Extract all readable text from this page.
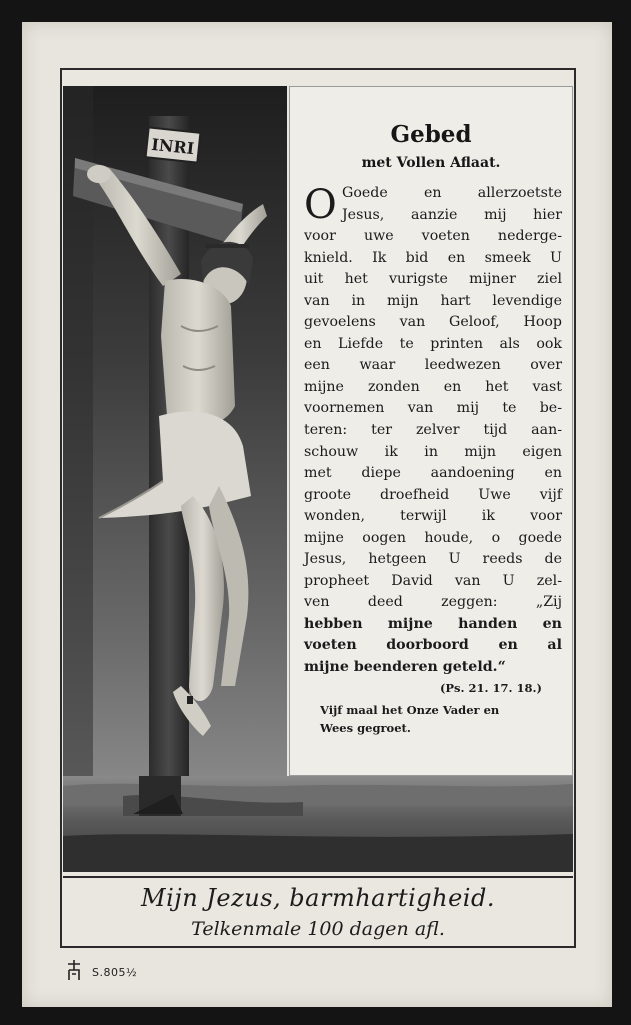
INRI	Gebed
met Vollen Aflaat.
O Goede en allerzoetste
Jesus, aanzie mij hier
voor uwe voeten nederge-
knield. Ik bid en smeek U
uit het vurigste mijner ziel
van in mijn hart levendige
gevoelens van Geloof, Hoop
en Liefde te printen als ook
een waar leedwezen over
mijne zonden en het vast
voornemen van mij te be-
teren: ter zelver tijd aan-
schouw ik in mijn eigen
met diepe aandoening en
groote droefheid Uwe vijf
wonden, terwijl ik voor
mijne oogen houde, o goede
Jesus, hetgeen U reeds de
propheet David van U zel-
ven deed zeggen: „Zij
hebben mijne handen en
voeten doorboord en al
mijne beenderen geteld.“
(Ps. 21. 17. 18.)
Vijf maal het Onze Vader en
Wees gegroet.
Mijn Jezus, barmhartigheid.
Telkenmale 100 dagen afl.
S.805½
